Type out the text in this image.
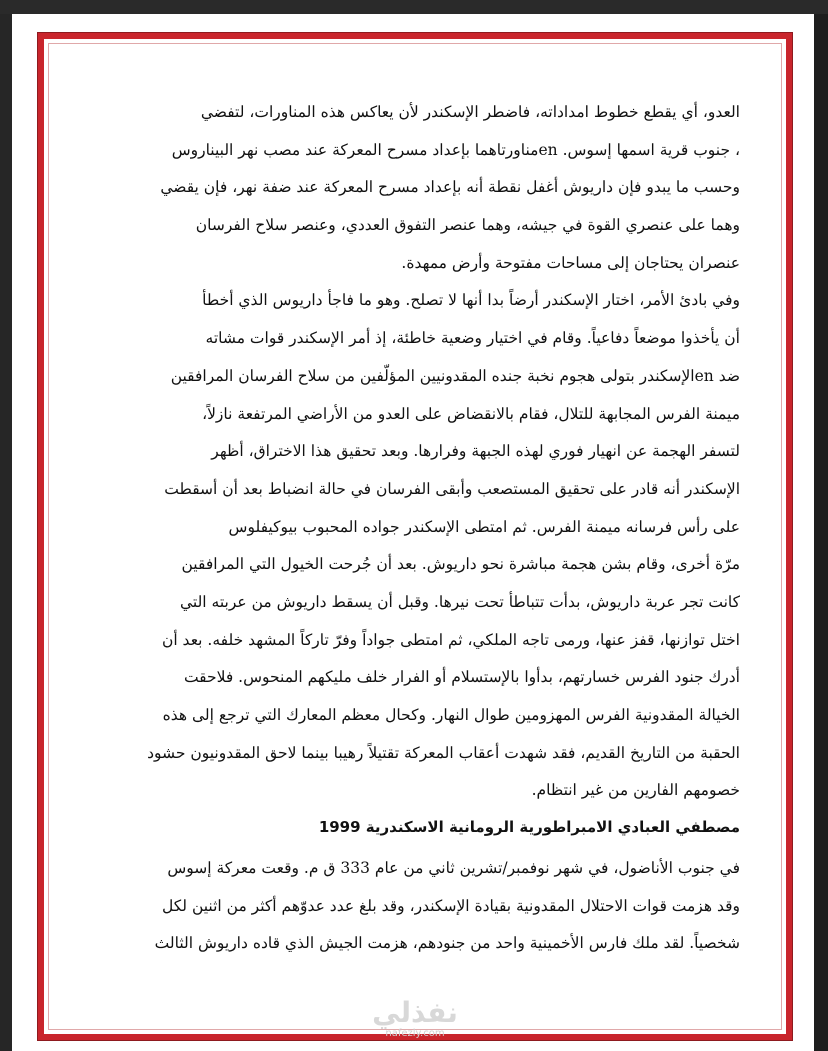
العدو، أي يقطع خطوط امداداته، فاضطر الإسكندر لأن يعاكس هذه المناورات، لتفضي
، جنوب قرية اسمها إسوس. enمناورتاهما بإعداد مسرح المعركة عند مصب نهر البيناروس
وحسب ما يبدو فإن داريوش أغفل نقطة أنه بإعداد مسرح المعركة عند ضفة نهر، فإن يقضي
وهما على عنصري القوة في جيشه، وهما عنصر التفوق العددي، وعنصر سلاح الفرسان
عنصران يحتاجان إلى مساحات مفتوحة وأرض ممهدة.
وفي بادئ الأمر، اختار الإسكندر أرضاً بدا أنها لا تصلح. وهو ما فاجأ داريوس الذي أخطأ
أن يأخذوا موضعاً دفاعياً. وقام في اختيار وضعية خاطئة، إذ أمر الإسكندر قوات مشاته
ضد enالإسكندر بتولى هجوم نخبة جنده المقدونيين المؤلّفين من سلاح الفرسان المرافقين
ميمنة الفرس المجابهة للتلال، فقام بالانقضاض على العدو من الأراضي المرتفعة نازلاً،
لتسفر الهجمة عن انهيار فوري لهذه الجبهة وفرارها. وبعد تحقيق هذا الاختراق، أظهر
الإسكندر أنه قادر على تحقيق المستصعب وأبقى الفرسان في حالة انضباط بعد أن أسقطت
على رأس فرسانه ميمنة الفرس. ثم امتطى الإسكندر جواده المحبوب بيوكيفلوس
مرّة أخرى، وقام بشن هجمة مباشرة نحو داريوش. بعد أن جُرحت الخيول التي المرافقين
كانت تجر عربة داريوش، بدأت تتباطأ تحت نيرها. وقبل أن يسقط داريوش من عربته التي
اختل توازنها، قفز عنها، ورمى تاجه الملكي، ثم امتطى جواداً وفرّ تاركاً المشهد خلفه. بعد أن
أدرك جنود الفرس خسارتهم، بدأوا بالإستسلام أو الفرار خلف مليكهم المنحوس. فلاحقت
الخيالة المقدونية الفرس المهزومين طوال النهار. وكحال معظم المعارك التي ترجع إلى هذه
الحقبة من التاريخ القديم، فقد شهدت أعقاب المعركة تقتيلاً رهيبا بينما لاحق المقدونيون حشود
خصومهم الفارين من غير انتظام.
مصطفي العبادي الامبراطورية الرومانية الاسكندرية 1999
في جنوب الأناضول، في شهر نوفمبر/تشرين ثاني من عام 333 ق م. وقعت معركة إسوس
وقد هزمت قوات الاحتلال المقدونية بقيادة الإسكندر، وقد بلغ عدد عدوّهم أكثر من اثنين لكل
شخصياً. لقد ملك فارس الأخمينية واحد من جنودهم، هزمت الجيش الذي قاده داريوش الثالث
نفذلي
nafezly.com
